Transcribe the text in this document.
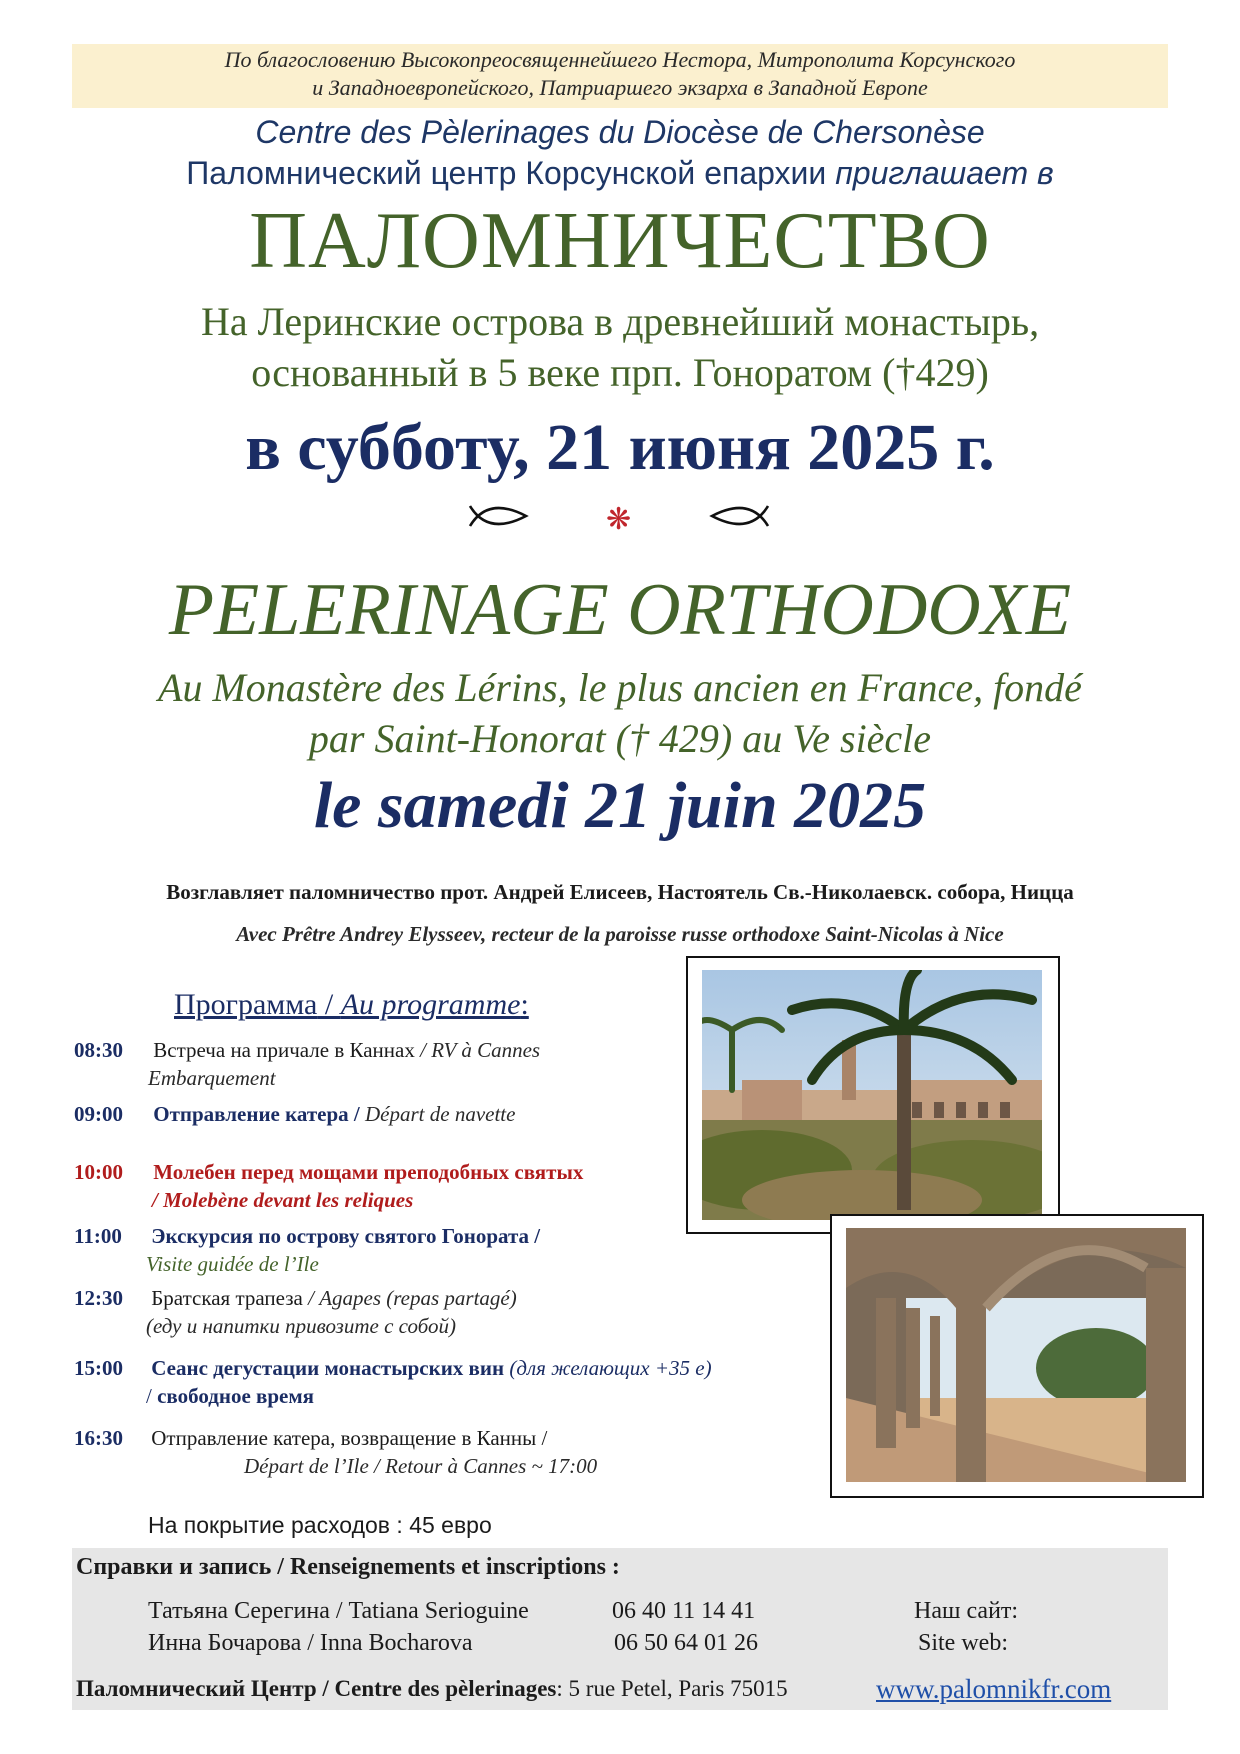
По благословению Высокопреосвященнейшего Нестора, Митрополита Корсунского
и Западноевропейского, Патриаршего экзарха в Западной Европе
Centre des Pèlerinages du Diocèse de Chersonèse
Паломнический центр Корсунской епархии приглашает в
ПАЛОМНИЧЕСТВО
На Леринские острова в древнейший монастырь,
основанный в 5 веке прп. Гоноратом (†429)
в субботу, 21 июня 2025 г.
❋
PELERINAGE ORTHODOXE
Au Monastère des Lérins, le plus ancien en France, fondé
par Saint-Honorat († 429) au Ve siècle
le samedi 21 juin 2025
Возглавляет паломничество прот. Андрей Елисеев, Настоятель Св.-Николаевск. собора, Ницца
Avec Prêtre Andrey Elysseev, recteur de la paroisse russe orthodoxe Saint-Nicolas à Nice
Программа / Au programme:
08:30 Встреча на причале в Каннах / RV à Cannes
Embarquement
09:00 Отправление катера / Départ de navette
10:00 Молебен перед мощами преподобных святых
/ Molebène devant les reliques
11:00 Экскурсия по острову святого Гонората /
Visite guidée de l’Ile
12:30 Братская трапеза / Agapes (repas partagé)
(еду и напитки привозите с собой)
15:00 Сеанс дегустации монастырских вин (для желающих +35 е)
/ свободное время
16:30 Отправление катера, возвращение в Канны /
Départ de l’Ile / Retour à Cannes ~ 17:00
На покрытие расходов : 45 евро
Справки и запись / Renseignements et inscriptions :
Татьяна Серегина / Tatiana Serioguine	06 40 11 14 41	Наш сайт:
Инна Бочарова / Inna Bocharova	06 50 64 01 26	Site web:
Паломнический Центр / Centre des pèlerinages: 5 rue Petel, Paris 75015	www.palomnikfr.com
